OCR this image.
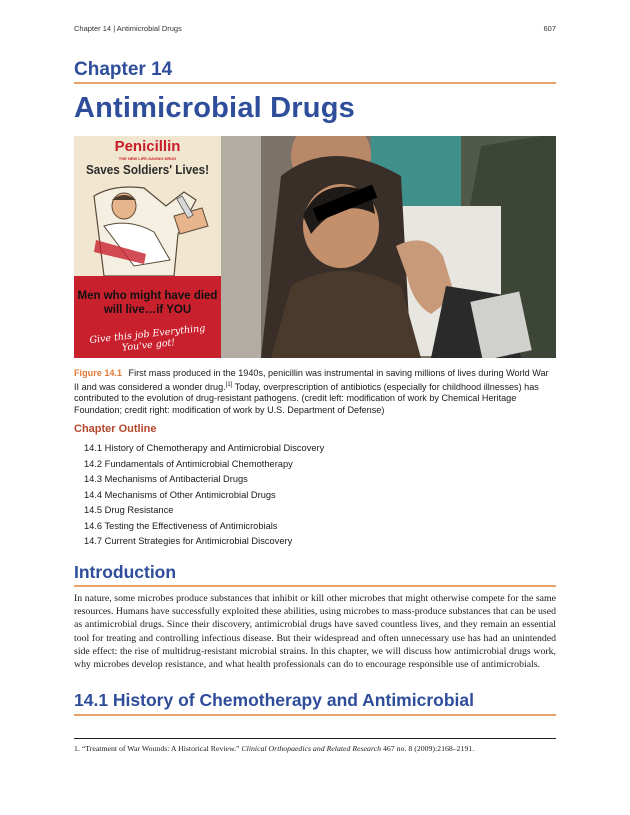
Chapter 14 | Antimicrobial Drugs	607
Chapter 14
Antimicrobial Drugs
Penicillin
THE NEW LIFE-SAVING DRUG
Saves Soldiers' Lives!
Men who might have died
will live…if YOU
Give this job Everything You've got!
Figure 14.1 First mass produced in the 1940s, penicillin was instrumental in saving millions of lives during World War II and was considered a wonder drug.[1] Today, overprescription of antibiotics (especially for childhood illnesses) has contributed to the evolution of drug-resistant pathogens. (credit left: modification of work by Chemical Heritage Foundation; credit right: modification of work by U.S. Department of Defense)
Chapter Outline
14.1 History of Chemotherapy and Antimicrobial Discovery
14.2 Fundamentals of Antimicrobial Chemotherapy
14.3 Mechanisms of Antibacterial Drugs
14.4 Mechanisms of Other Antimicrobial Drugs
14.5 Drug Resistance
14.6 Testing the Effectiveness of Antimicrobials
14.7 Current Strategies for Antimicrobial Discovery
Introduction
In nature, some microbes produce substances that inhibit or kill other microbes that might otherwise compete for the same resources. Humans have successfully exploited these abilities, using microbes to mass-produce substances that can be used as antimicrobial drugs. Since their discovery, antimicrobial drugs have saved countless lives, and they remain an essential tool for treating and controlling infectious disease. But their widespread and often unnecessary use has had an unintended side effect: the rise of multidrug-resistant microbial strains. In this chapter, we will discuss how antimicrobial drugs work, why microbes develop resistance, and what health professionals can do to encourage responsible use of antimicrobials.
14.1 History of Chemotherapy and Antimicrobial
1. “Treatment of War Wounds: A Historical Review.” Clinical Orthopaedics and Related Research 467 no. 8 (2009):2168–2191.
